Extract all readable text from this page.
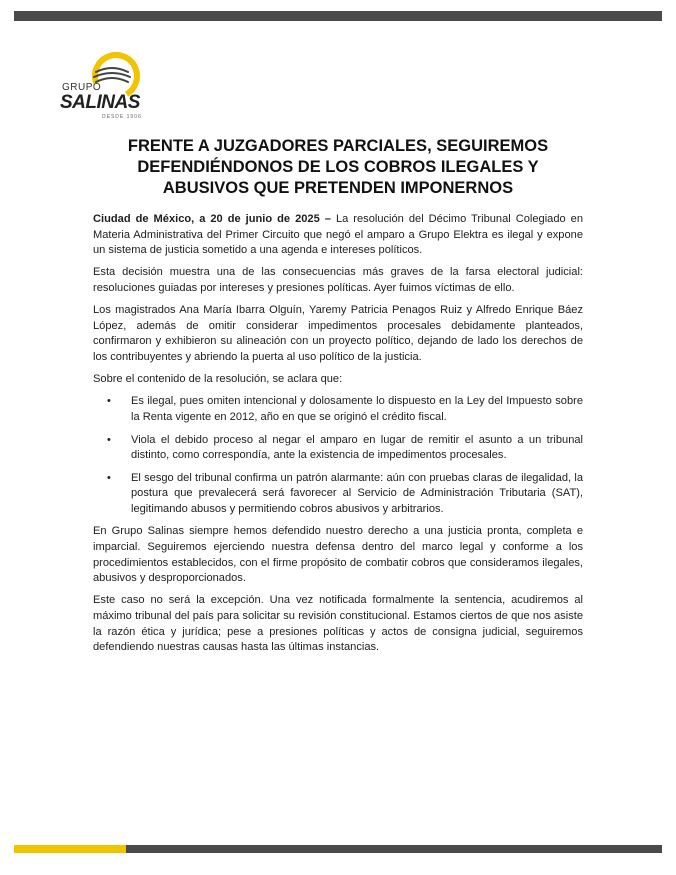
GRUPO
SALINAS
DESDE 1906
FRENTE A JUZGADORES PARCIALES, SEGUIREMOS
DEFENDIÉNDONOS DE LOS COBROS ILEGALES Y
ABUSIVOS QUE PRETENDEN IMPONERNOS

Ciudad de México, a 20 de junio de 2025 – La resolución del Décimo Tribunal Colegiado en Materia Administrativa del Primer Circuito que negó el amparo a Grupo Elektra es ilegal y expone un sistema de justicia sometido a una agenda e intereses políticos.

Esta decisión muestra una de las consecuencias más graves de la farsa electoral judicial: resoluciones guiadas por intereses y presiones políticas. Ayer fuimos víctimas de ello.

Los magistrados Ana María Ibarra Olguín, Yaremy Patricia Penagos Ruiz y Alfredo Enrique Báez López, además de omitir considerar impedimentos procesales debidamente planteados, confirmaron y exhibieron su alineación con un proyecto político, dejando de lado los derechos de los contribuyentes y abriendo la puerta al uso político de la justicia.

Sobre el contenido de la resolución, se aclara que:

• Es ilegal, pues omiten intencional y dolosamente lo dispuesto en la Ley del Impuesto sobre la Renta vigente en 2012, año en que se originó el crédito fiscal.
• Viola el debido proceso al negar el amparo en lugar de remitir el asunto a un tribunal distinto, como correspondía, ante la existencia de impedimentos procesales.
• El sesgo del tribunal confirma un patrón alarmante: aún con pruebas claras de ilegalidad, la postura que prevalecerá será favorecer al Servicio de Administración Tributaria (SAT), legitimando abusos y permitiendo cobros abusivos y arbitrarios.

En Grupo Salinas siempre hemos defendido nuestro derecho a una justicia pronta, completa e imparcial. Seguiremos ejerciendo nuestra defensa dentro del marco legal y conforme a los procedimientos establecidos, con el firme propósito de combatir cobros que consideramos ilegales, abusivos y desproporcionados.

Este caso no será la excepción. Una vez notificada formalmente la sentencia, acudiremos al máximo tribunal del país para solicitar su revisión constitucional. Estamos ciertos de que nos asiste la razón ética y jurídica; pese a presiones políticas y actos de consigna judicial, seguiremos defendiendo nuestras causas hasta las últimas instancias.
